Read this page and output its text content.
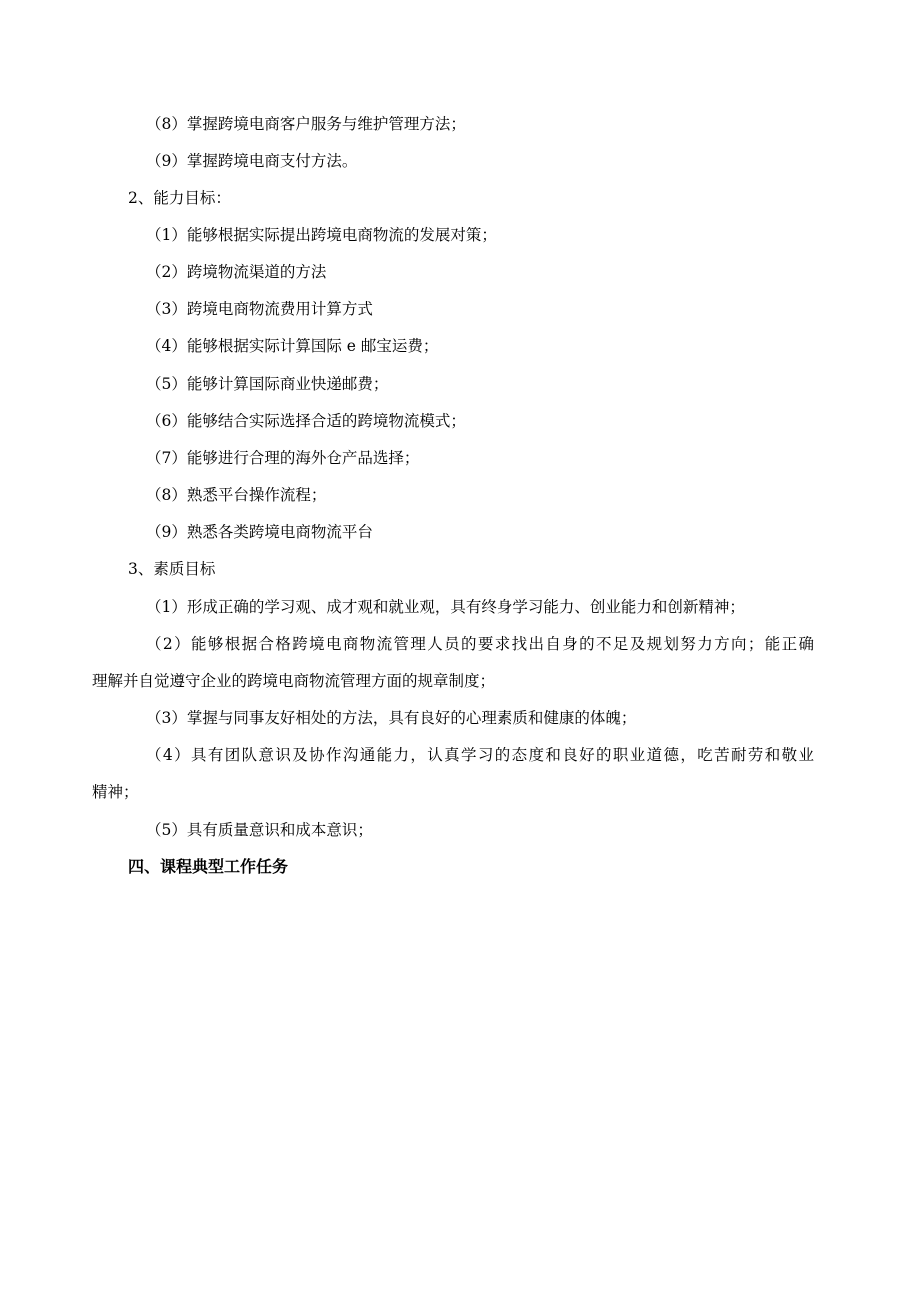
（8）掌握跨境电商客户服务与维护管理方法；
（9）掌握跨境电商支付方法。
2、能力目标：
（1）能够根据实际提出跨境电商物流的发展对策；
（2）跨境物流渠道的方法
（3）跨境电商物流费用计算方式
（4）能够根据实际计算国际 e 邮宝运费；
（5）能够计算国际商业快递邮费；
（6）能够结合实际选择合适的跨境物流模式；
（7）能够进行合理的海外仓产品选择；
（8）熟悉平台操作流程；
（9）熟悉各类跨境电商物流平台
3、素质目标
（1）形成正确的学习观、成才观和就业观，具有终身学习能力、创业能力和创新精神；
（2）能够根据合格跨境电商物流管理人员的要求找出自身的不足及规划努力方向；能正确
理解并自觉遵守企业的跨境电商物流管理方面的规章制度；
（3）掌握与同事友好相处的方法，具有良好的心理素质和健康的体魄；
（4）具有团队意识及协作沟通能力，认真学习的态度和良好的职业道德，吃苦耐劳和敬业
精神；
（5）具有质量意识和成本意识；
四、课程典型工作任务
